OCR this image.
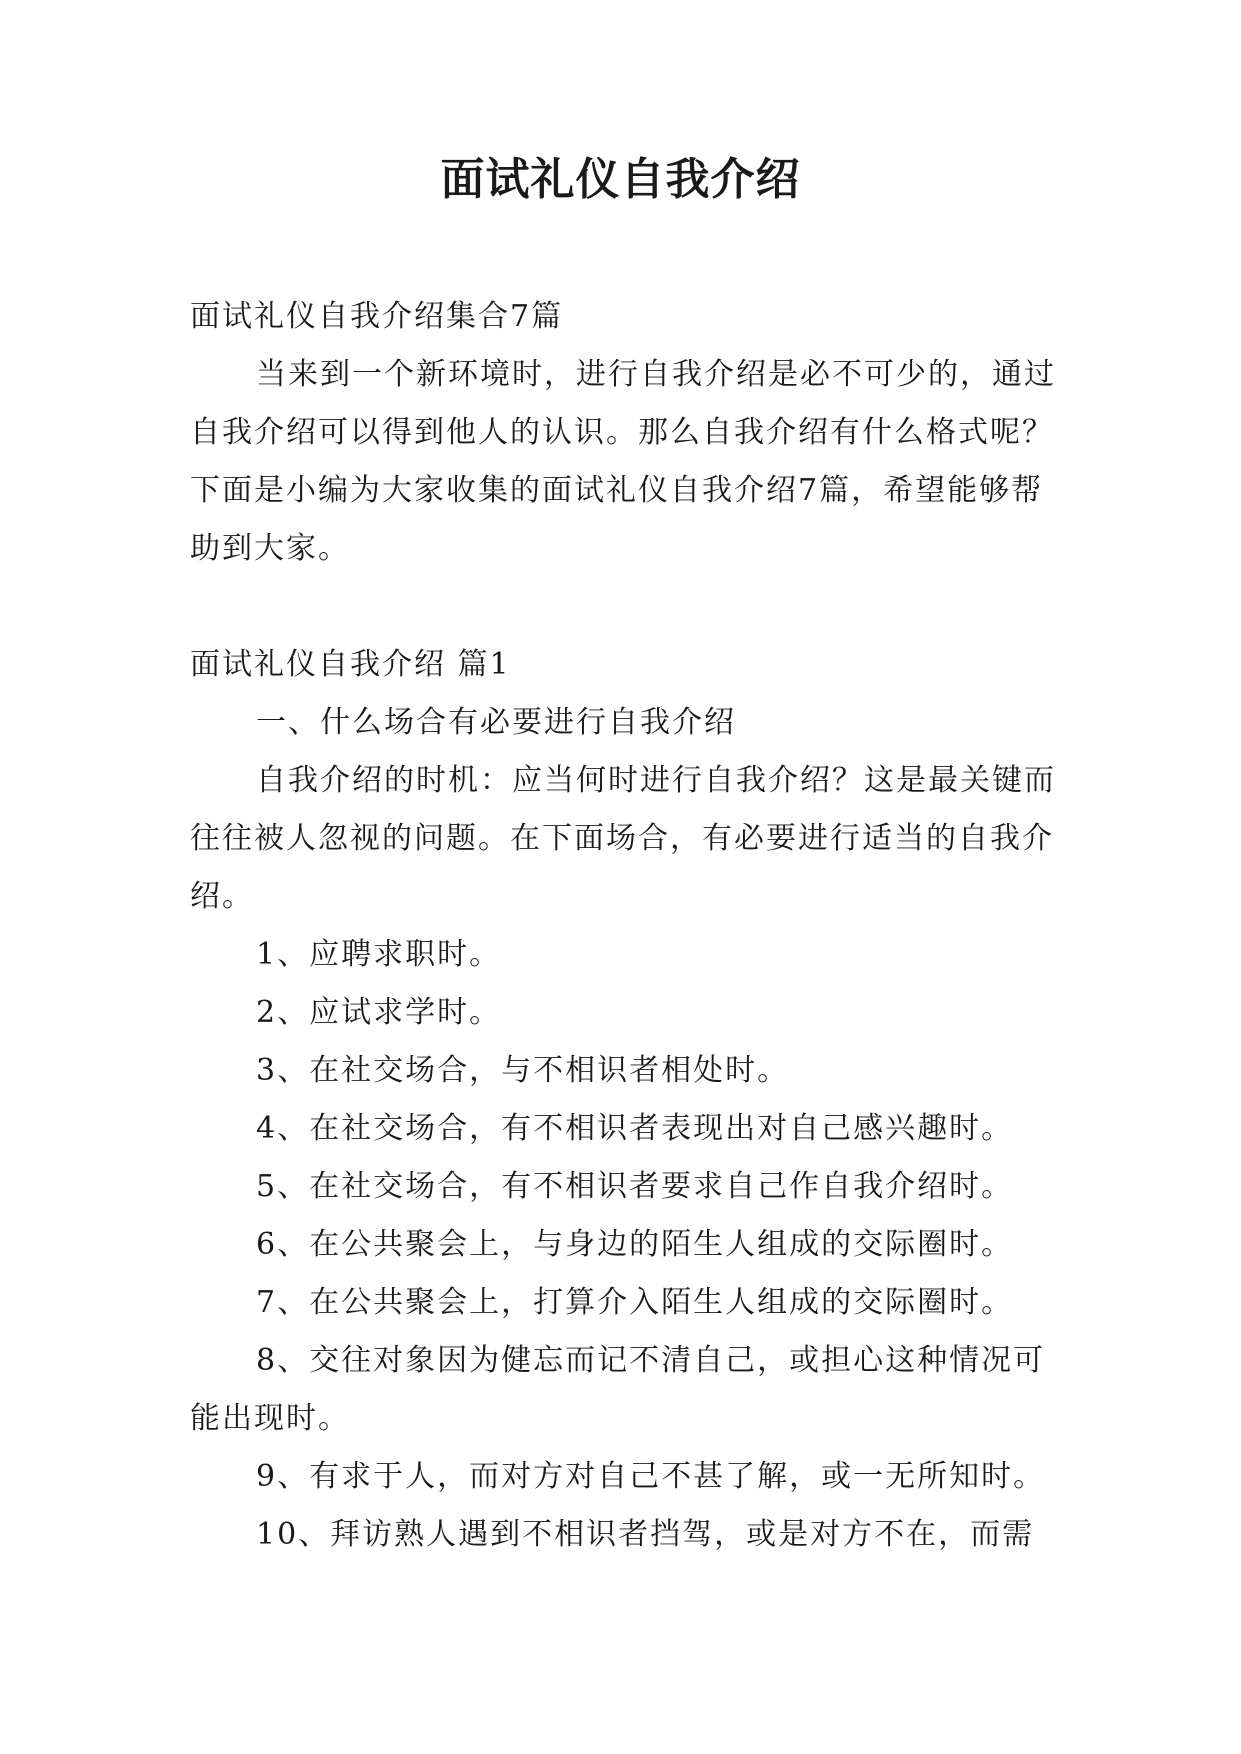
面试礼仪自我介绍

面试礼仪自我介绍集合7篇

当来到一个新环境时，进行自我介绍是必不可少的，通过自我介绍可以得到他人的认识。那么自我介绍有什么格式呢？下面是小编为大家收集的面试礼仪自我介绍7篇，希望能够帮助到大家。

面试礼仪自我介绍 篇1

一、什么场合有必要进行自我介绍

自我介绍的时机：应当何时进行自我介绍？这是最关键而往往被人忽视的问题。在下面场合，有必要进行适当的自我介绍。

1、应聘求职时。

2、应试求学时。

3、在社交场合，与不相识者相处时。

4、在社交场合，有不相识者表现出对自己感兴趣时。

5、在社交场合，有不相识者要求自己作自我介绍时。

6、在公共聚会上，与身边的陌生人组成的交际圈时。

7、在公共聚会上，打算介入陌生人组成的交际圈时。

8、交往对象因为健忘而记不清自己，或担心这种情况可能出现时。

9、有求于人，而对方对自己不甚了解，或一无所知时。

10、拜访熟人遇到不相识者挡驾，或是对方不在，而需
